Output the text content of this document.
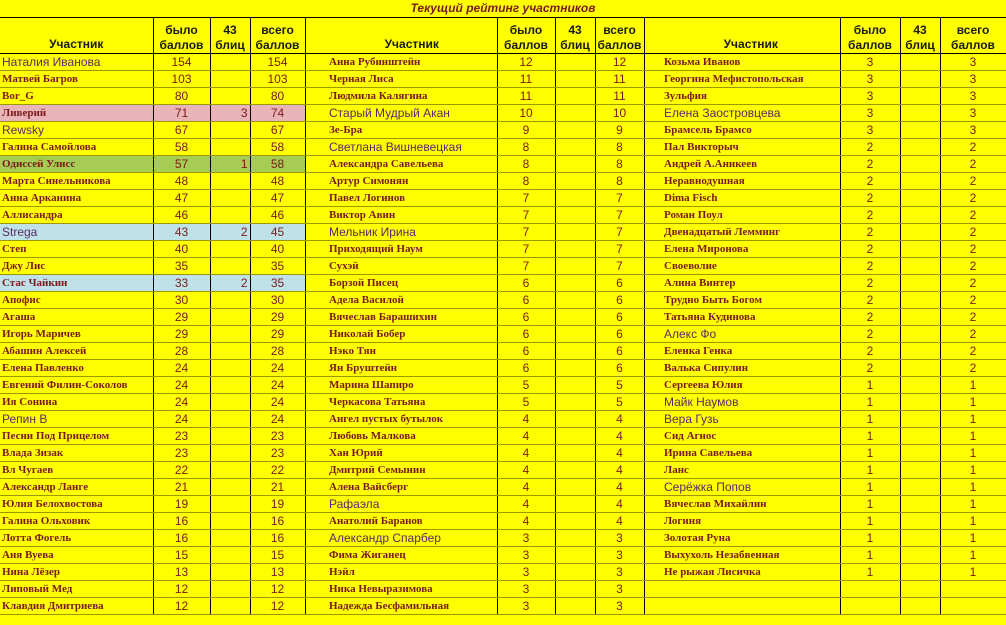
Текущий рейтинг участников
Участник	было баллов	43 блиц	всего баллов	
Наталия Иванова	154		154	
Матвей Багров	103		103	
Bor_G	80		80	
Ливерий	71	3	74	
Rewsky	67		67	
Галина Самойлова	58		58	
Одиссей Улисс	57	1	58	
Марта Синельникова	48		48	
Анна Арканина	47		47	
Аллисандра	46		46	
Strega	43	2	45	
Степ	40		40	
Джу Лис	35		35	
Стас Чайкин	33	2	35	
Апофис	30		30	
Агаша	29		29	
Игорь Маричев	29		29	
Абашин Алексей	28		28	
Елена Павленко	24		24	
Евгений Филин-Соколов	24		24	
Ия Сонина	24		24	
Репин В	24		24	
Песни Под Прицелом	23		23	
Влада Зизак	23		23	
Вл Чугаев	22		22	
Александр Ланге	21		21	
Юлия Белохвостова	19		19	
Галина Ольховик	16		16	
Лотта Фогель	16		16	
Аня Вуева	15		15	
Нина Лёзер	13		13	
Липовый Мед	12		12	
Клавдия Дмитриева	12		12	
Участник	было баллов	43 блиц	всего баллов	
Анна Рубинштейн	12		12	
Черная Лиса	11		11	
Людмила Калягина	11		11	
Старый Мудрый Акан	10		10	
Зе-Бра	9		9	
Светлана Вишневецкая	8		8	
Александра Савельева	8		8	
Артур Симонян	8		8	
Павел Логинов	7		7	
Виктор Авин	7		7	
Мельник Ирина	7		7	
Приходящий Наум	7		7	
Сухэй	7		7	
Борзой Писец	6		6	
Адела Василой	6		6	
Вячеслав Барашихин	6		6	
Николай Бобер	6		6	
Нэко Тян	6		6	
Ян Бруштейн	6		6	
Марина Шапиро	5		5	
Черкасова Татьяна	5		5	
Ангел пустых бутылок	4		4	
Любовь Малкова	4		4	
Хан Юрий	4		4	
Дмитрий Семынин	4		4	
Алена Вайсберг	4		4	
Рафаэла	4		4	
Анатолий Баранов	4		4	
Александр Спарбер	3		3	
Фима Жиганец	3		3	
Нэйл	3		3	
Ника Невыразимова	3		3	
Надежда Бесфамильная	3		3	
Участник	было баллов	43 блиц	всего баллов
Козьма Иванов	3		3
Георгина Мефистопольская	3		3
Зульфия	3		3
Елена Заостровцева	3		3
Брамсель Брамсо	3		3
Пал Викторыч	2		2
Андрей А.Аникеев	2		2
Неравнодушная	2		2
Dima Fisch	2		2
Роман Поул	2		2
Двенадцатый Лемминг	2		2
Елена Миронова	2		2
Своеволие	2		2
Алина Винтер	2		2
Трудно Быть Богом	2		2
Татьяна Кудинова	2		2
Алекс Фо	2		2
Еленка Генка	2		2
Валька Сипулин	2		2
Сергеева Юлия	1		1
Майк Наумов	1		1
Вера Гузь	1		1
Сид Агнос	1		1
Ирина Савельева	1		1
Ланс	1		1
Серёжка Попов	1		1
Вячеслав Михайлин	1		1
Логиня	1		1
Золотая Руна	1		1
Выхухоль Незабвенная	1		1
Не рыжая Лисичка	1		1
